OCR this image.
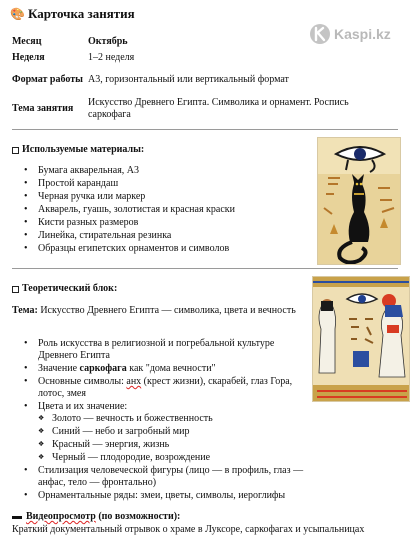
🎨 Карточка занятия
Kaspi.kz
Месяц	Октябрь
Неделя	1–2 неделя
Формат работы	А3, горизонтальный или вертикальный формат
Тема занятия	Искусство Древнего Египта. Символика и орнамент. Роспись саркофага
Используемые материалы:
• Бумага акварельная, А3
• Простой карандаш
• Черная ручка или маркер
• Акварель, гуашь, золотистая и красная краски
• Кисти разных размеров
• Линейка, стирательная резинка
• Образцы египетских орнаментов и символов
Теоретический блок:
Тема: Искусство Древнего Египта — символика, цвета и вечность
• Роль искусства в религиозной и погребальной культуре Древнего Египта
• Значение саркофага как "дома вечности"
• Основные символы: анх (крест жизни), скарабей, глаз Гора, лотос, змея
• Цвета и их значение:
❖ Золото — вечность и божественность
❖ Синий — небо и загробный мир
❖ Красный — энергия, жизнь
❖ Черный — плодородие, возрождение
• Стилизация человеческой фигуры (лицо — в профиль, глаз — анфас, тело — фронтально)
• Орнаментальные ряды: змеи, цветы, символы, иероглифы
▬ Видеопросмотр (по возможности):
Краткий документальный отрывок о храме в Луксоре, саркофагах и усыпальницах
